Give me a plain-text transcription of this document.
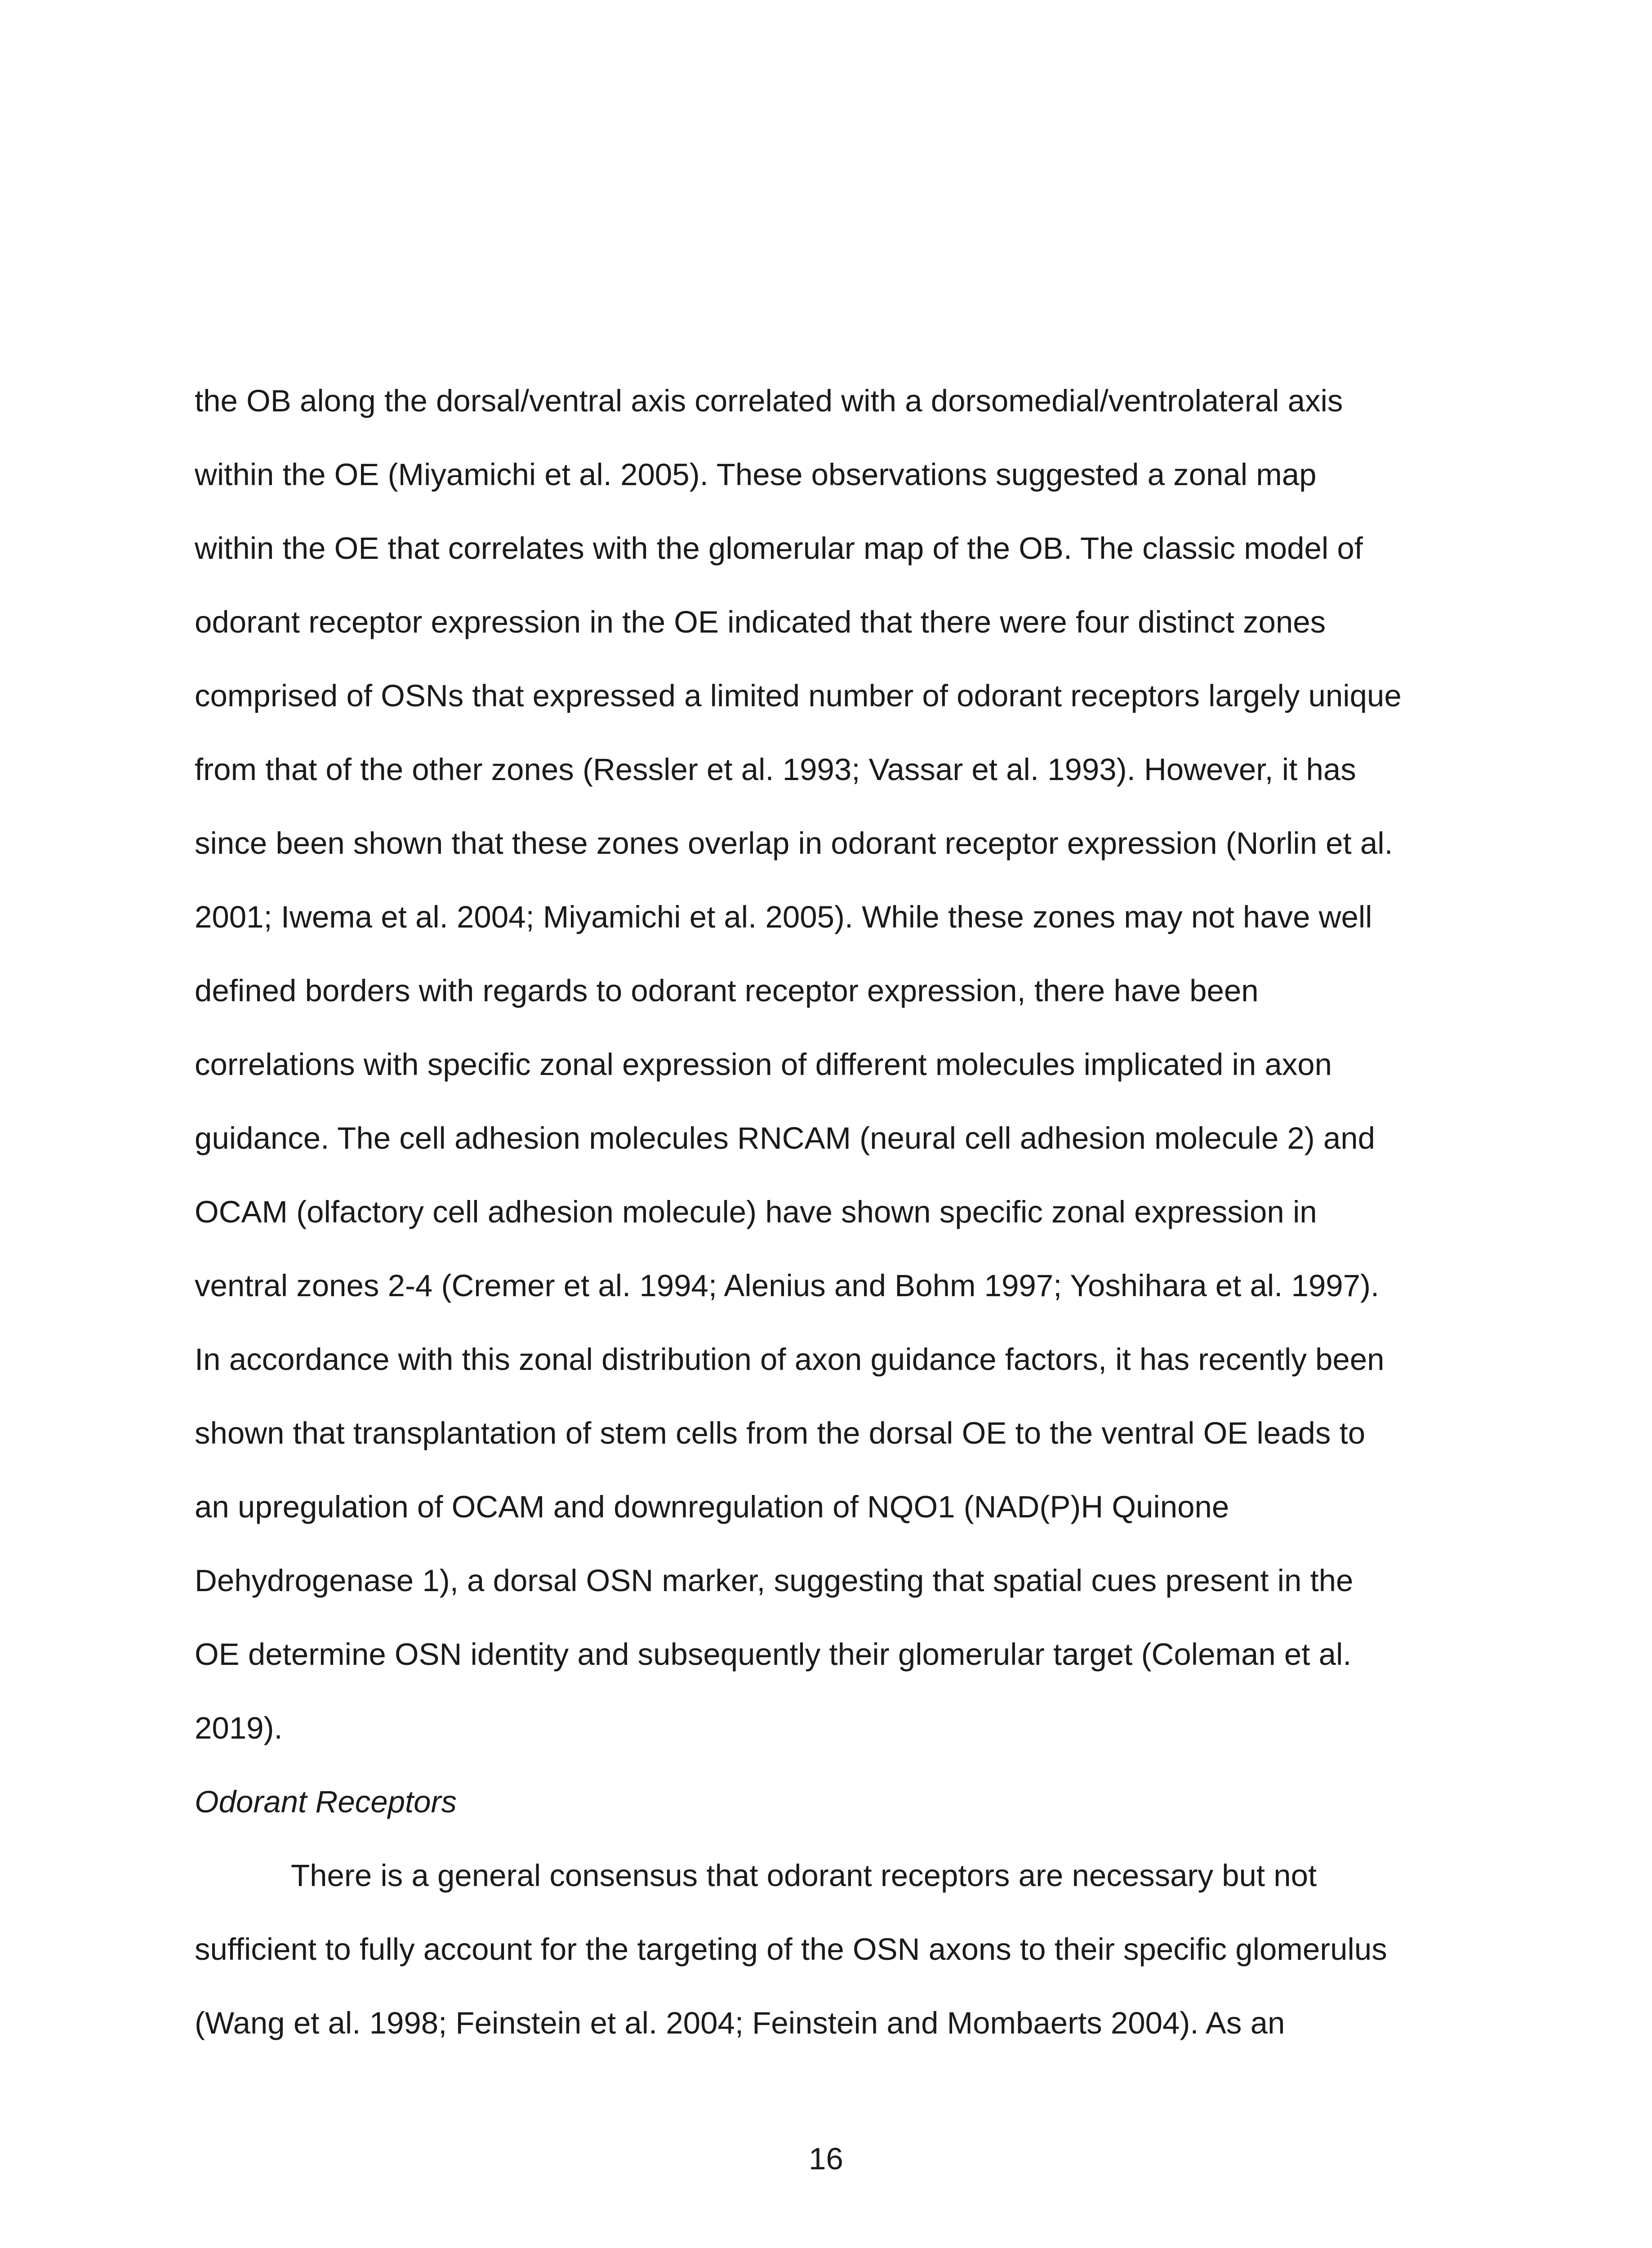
the OB along the dorsal/ventral axis correlated with a dorsomedial/ventrolateral axis
within the OE (Miyamichi et al. 2005). These observations suggested a zonal map
within the OE that correlates with the glomerular map of the OB. The classic model of
odorant receptor expression in the OE indicated that there were four distinct zones
comprised of OSNs that expressed a limited number of odorant receptors largely unique
from that of the other zones (Ressler et al. 1993; Vassar et al. 1993). However, it has
since been shown that these zones overlap in odorant receptor expression (Norlin et al.
2001; Iwema et al. 2004; Miyamichi et al. 2005). While these zones may not have well
defined borders with regards to odorant receptor expression, there have been
correlations with specific zonal expression of different molecules implicated in axon
guidance. The cell adhesion molecules RNCAM (neural cell adhesion molecule 2) and
OCAM (olfactory cell adhesion molecule) have shown specific zonal expression in
ventral zones 2-4 (Cremer et al. 1994; Alenius and Bohm 1997; Yoshihara et al. 1997).
In accordance with this zonal distribution of axon guidance factors, it has recently been
shown that transplantation of stem cells from the dorsal OE to the ventral OE leads to
an upregulation of OCAM and downregulation of NQO1 (NAD(P)H Quinone
Dehydrogenase 1), a dorsal OSN marker, suggesting that spatial cues present in the
OE determine OSN identity and subsequently their glomerular target (Coleman et al.
2019).
Odorant Receptors
There is a general consensus that odorant receptors are necessary but not
sufficient to fully account for the targeting of the OSN axons to their specific glomerulus
(Wang et al. 1998; Feinstein et al. 2004; Feinstein and Mombaerts 2004). As an
16
